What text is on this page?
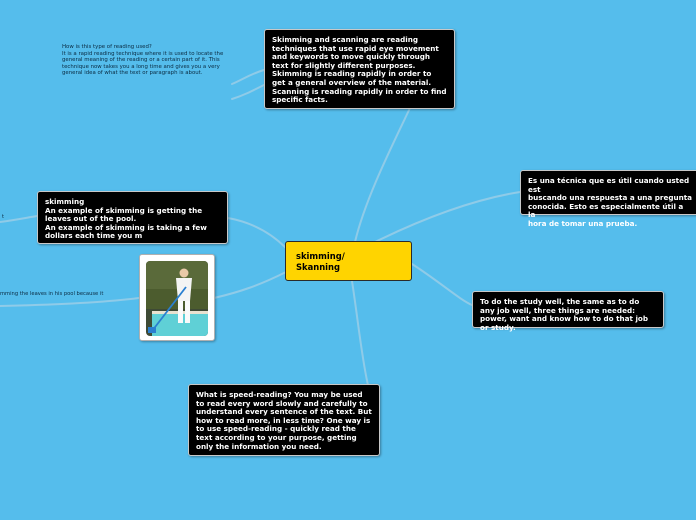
How is this type of reading used?
It is a rapid reading technique where it is used to locate the
general meaning of the reading or a certain part of it. This
technique now takes you a long time and gives you a very
general idea of what the text or paragraph is about.
t
mming the leaves in his pool because it
Skimming and scanning are reading techniques that use rapid eye movement and keywords to move quickly through text for slightly different purposes. Skimming is reading rapidly in order to get a general overview of the material. Scanning is reading rapidly in order to find specific facts.
Es una técnica que es útil cuando usted est
buscando una respuesta a una pregunta
conocida. Esto es especialmente útil a la
hora de tomar una prueba.
To do the study well, the same as to do any job well, three things are needed: power, want and know how to do that job or study.
What is speed-reading? You may be used to read every word slowly and carefully to understand every sentence of the text. But how to read more, in less time? One way is to use speed-reading - quickly read the text according to your purpose, getting only the information you need.
skimming
An example of skimming is getting the leaves out of the pool.
An example of skimming is taking a few dollars each time you m
skimming/
Skanning
